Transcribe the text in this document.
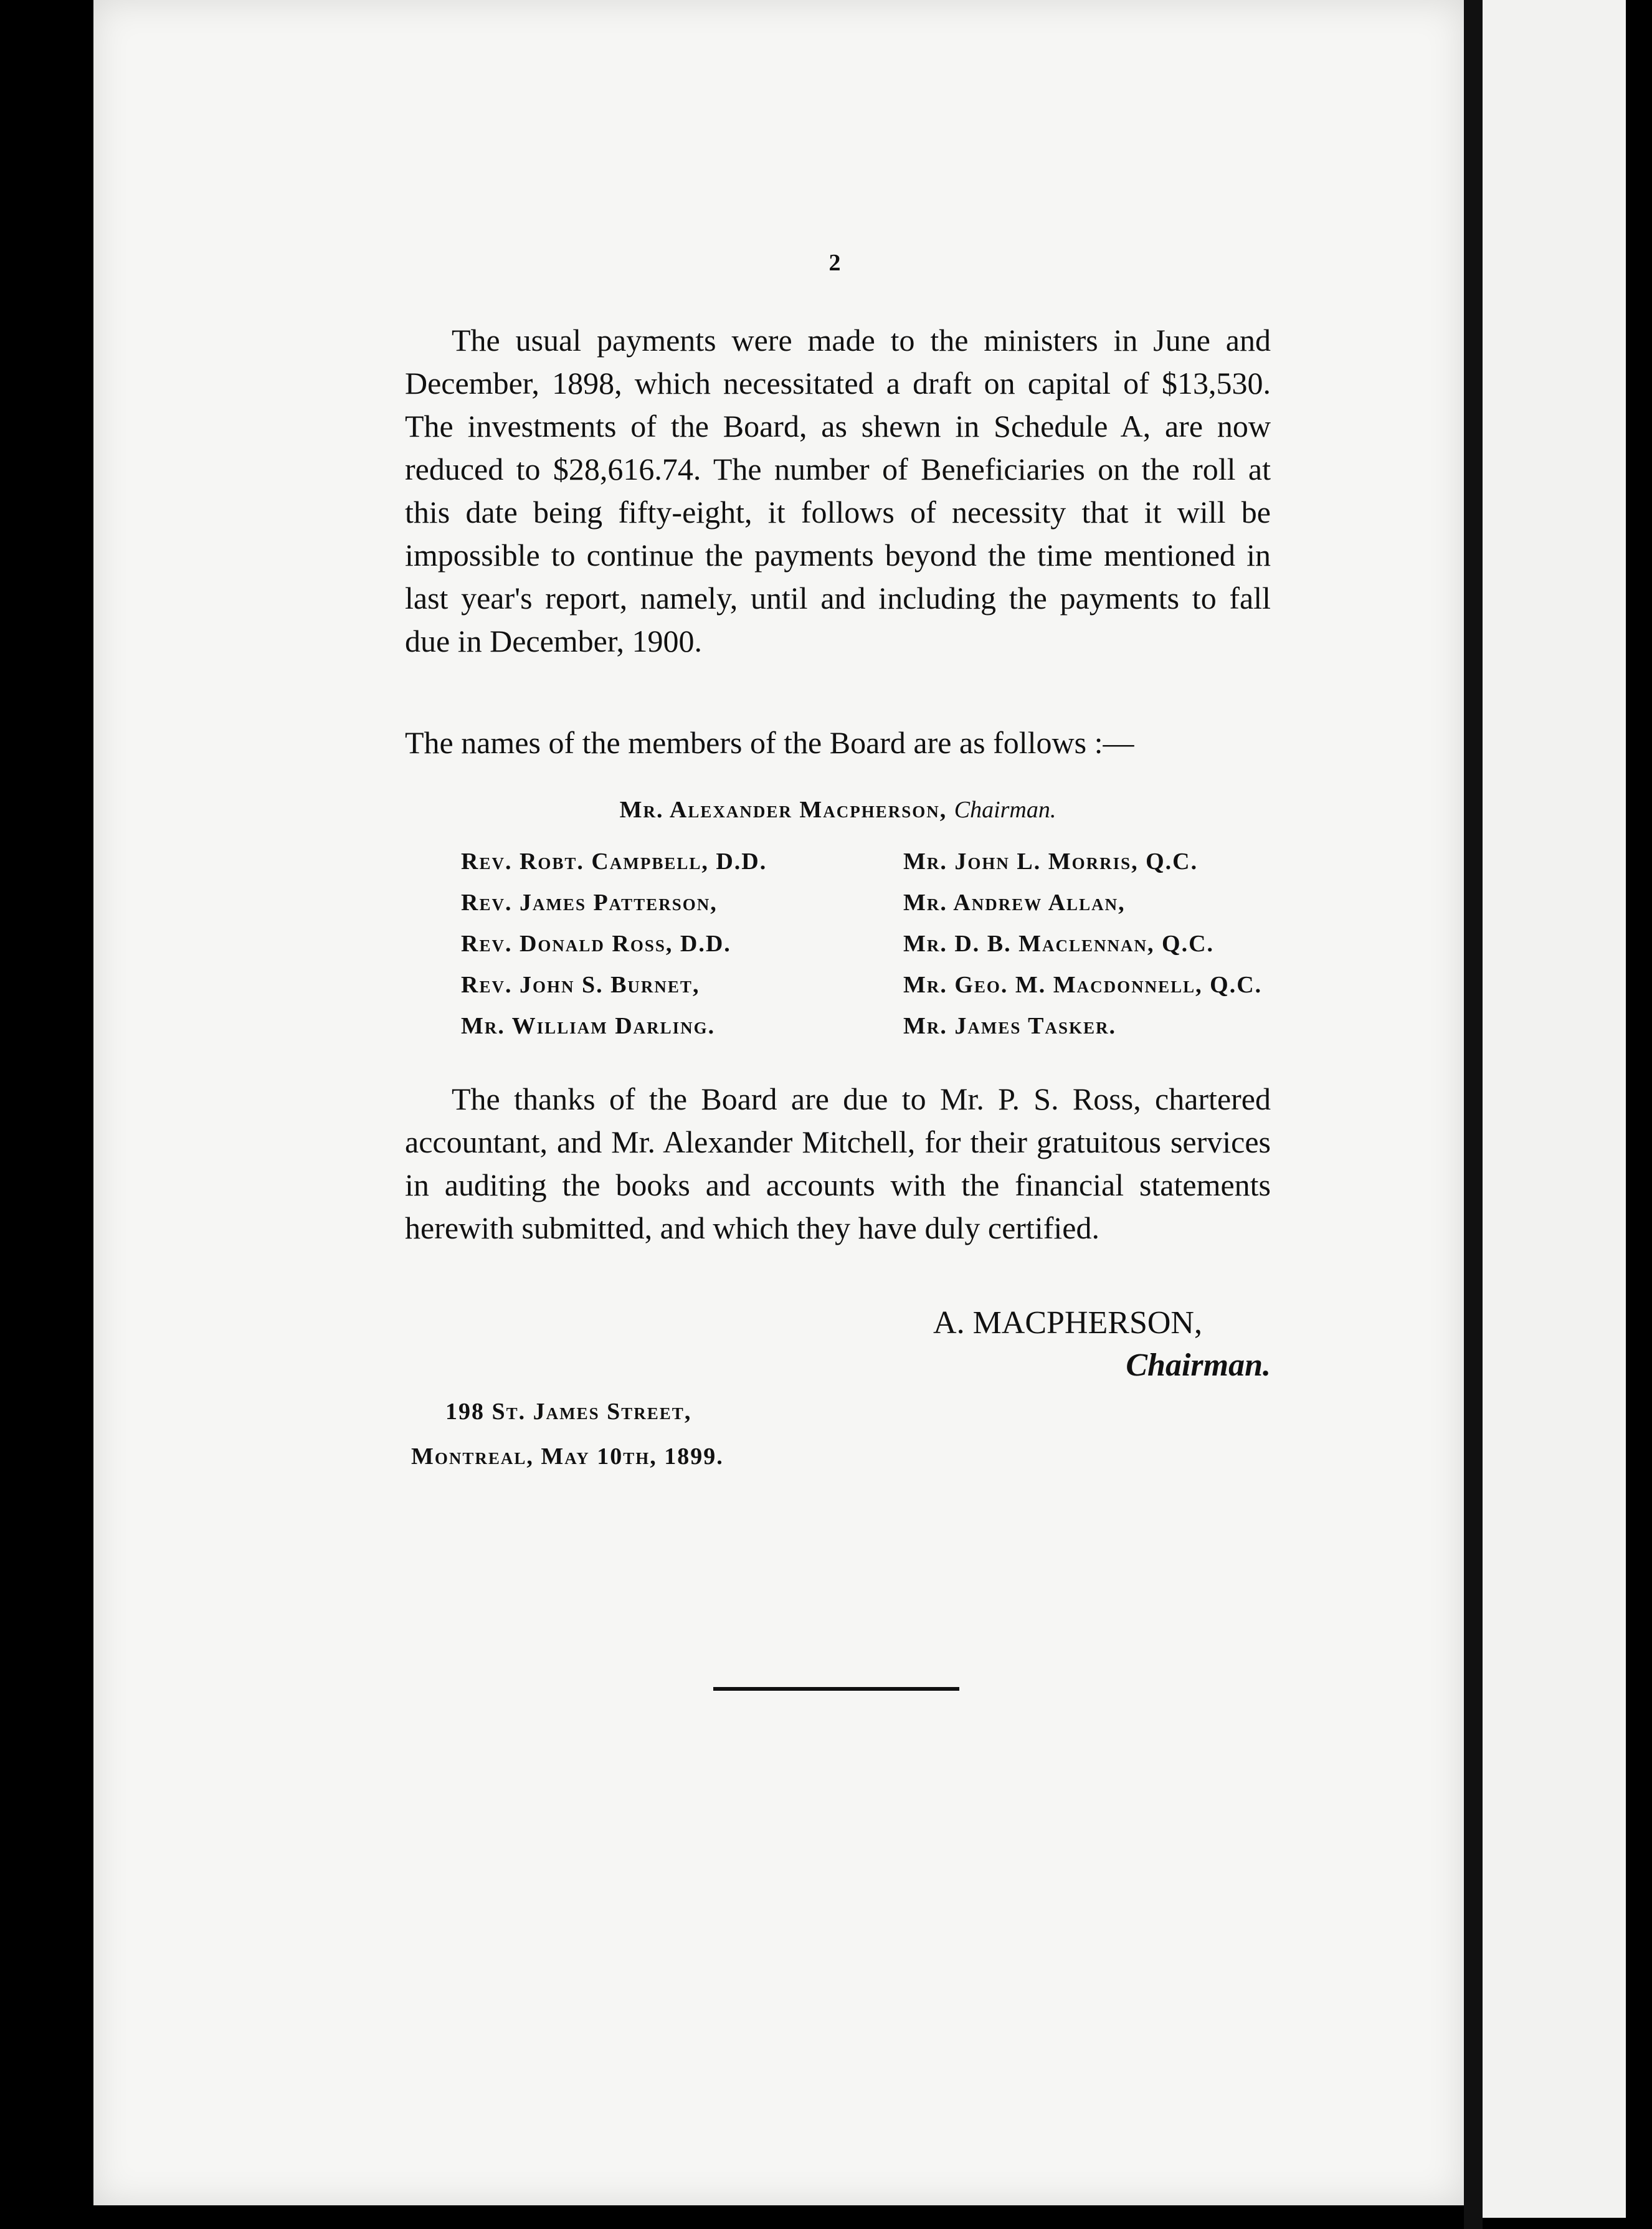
2

The usual payments were made to the ministers in June and December, 1898, which necessitated a draft on capital of $13,530. The investments of the Board, as shewn in Schedule A, are now reduced to $28,616.74. The number of Beneficiaries on the roll at this date being fifty-eight, it follows of necessity that it will be impossible to continue the payments beyond the time mentioned in last year's report, namely, until and including the payments to fall due in December, 1900.

The names of the members of the Board are as follows :—

Mr. Alexander Macpherson, Chairman.
Rev. Robt. Campbell, D.D.	Mr. John L. Morris, Q.C.
Rev. James Patterson,	Mr. Andrew Allan,
Rev. Donald Ross, D.D.	Mr. D. B. Maclennan, Q.C.
Rev. John S. Burnet,	Mr. Geo. M. Macdonnell, Q.C.
Mr. William Darling.	Mr. James Tasker.

The thanks of the Board are due to Mr. P. S. Ross, chartered accountant, and Mr. Alexander Mitchell, for their gratuitous services in auditing the books and accounts with the financial statements herewith submitted, and which they have duly certified.

A. MACPHERSON,
Chairman.
198 St. James Street,
Montreal, May 10th, 1899.
